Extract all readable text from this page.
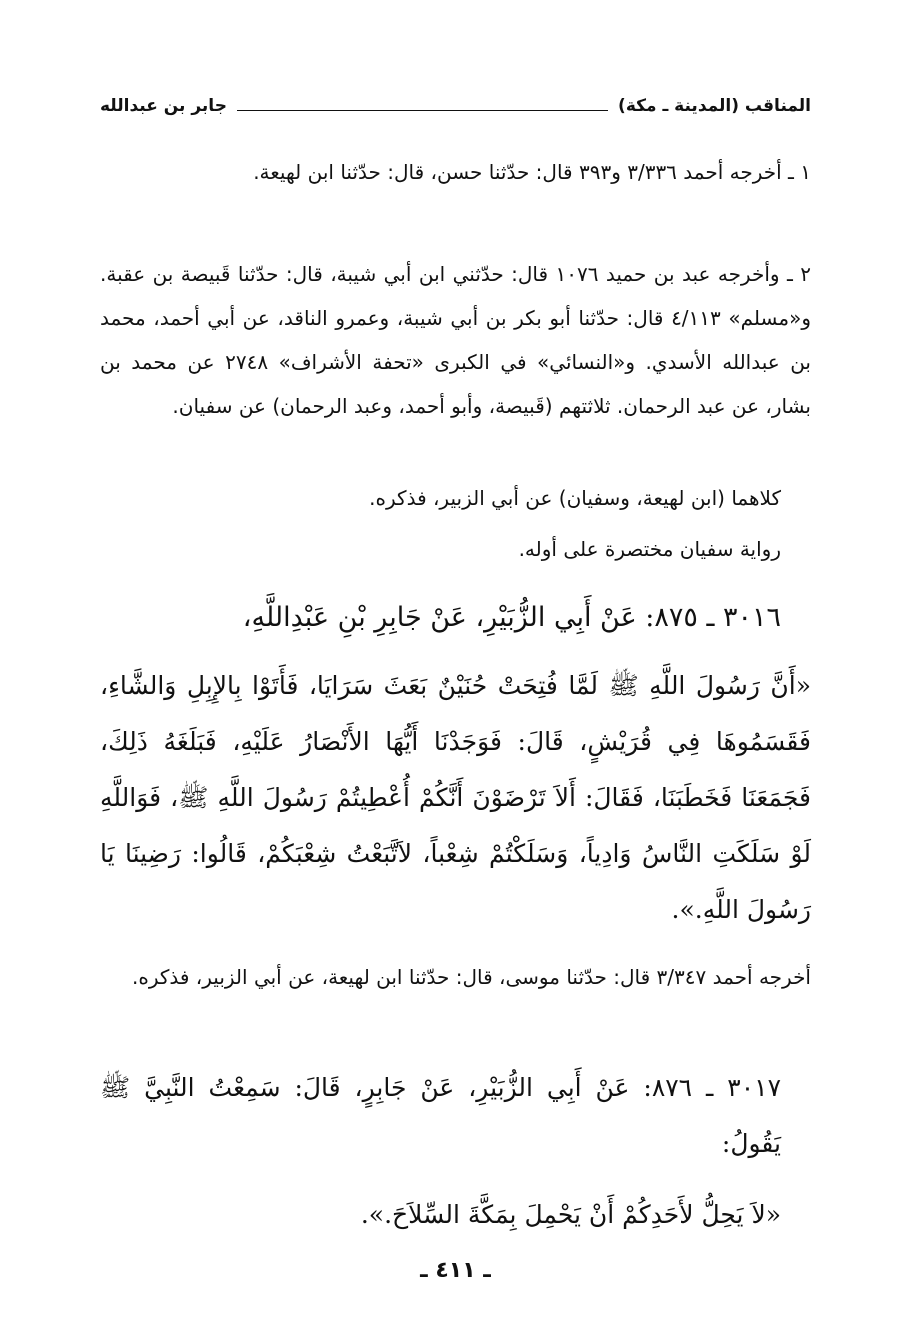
المناقب (المدينة ـ مكة)
جابر بن عبدالله

١ ـ أخرجه أحمد ٣/٣٣٦ و٣٩٣ قال: حدّثنا حسن، قال: حدّثنا ابن لهيعة.

٢ ـ وأخرجه عبد بن حميد ١٠٧٦ قال: حدّثني ابن أبي شيبة، قال: حدّثنا قَبيصة بن عقبة. و«مسلم» ٤/١١٣ قال: حدّثنا أبو بكر بن أبي شيبة، وعمرو الناقد، عن أبي أحمد، محمد بن عبدالله الأسدي. و«النسائي» في الكبرى «تحفة الأشراف» ٢٧٤٨ عن محمد بن بشار، عن عبد الرحمان. ثلاثتهم (قَبيصة، وأبو أحمد، وعبد الرحمان) عن سفيان.

كلاهما (ابن لهيعة، وسفيان) عن أبي الزبير، فذكره.

رواية سفيان مختصرة على أوله.

٣٠١٦ ـ ٨٧٥: عَنْ أَبِي الزُّبَيْرِ، عَنْ جَابِرِ بْنِ عَبْدِاللَّهِ،

«أَنَّ رَسُولَ اللَّهِ ﷺ لَمَّا فُتِحَتْ حُنَيْنٌ بَعَثَ سَرَايَا، فَأَتَوْا بِالإِبِلِ وَالشَّاءِ، فَقَسَمُوهَا فِي قُرَيْشٍ، قَالَ: فَوَجَدْنَا أَيُّهَا الأَنْصَارُ عَلَيْهِ، فَبَلَغَهُ ذَلِكَ، فَجَمَعَنَا فَخَطَبَنَا، فَقَالَ: أَلاَ تَرْضَوْنَ أَنَّكُمْ أُعْطِيتُمْ رَسُولَ اللَّهِ ﷺ، فَوَاللَّهِ لَوْ سَلَكَتِ النَّاسُ وَادِياً، وَسَلَكْتُمْ شِعْباً، لاَتَّبَعْتُ شِعْبَكُمْ، قَالُوا: رَضِينَا يَا رَسُولَ اللَّهِ.».

أخرجه أحمد ٣/٣٤٧ قال: حدّثنا موسى، قال: حدّثنا ابن لهيعة، عن أبي الزبير، فذكره.

٣٠١٧ ـ ٨٧٦: عَنْ أَبِي الزُّبَيْرِ، عَنْ جَابِرٍ، قَالَ: سَمِعْتُ النَّبِيَّ ﷺ يَقُولُ:

«لاَ يَحِلُّ لأَحَدِكُمْ أَنْ يَحْمِلَ بِمَكَّةَ السِّلاَحَ.».

ـ ٤١١ ـ
